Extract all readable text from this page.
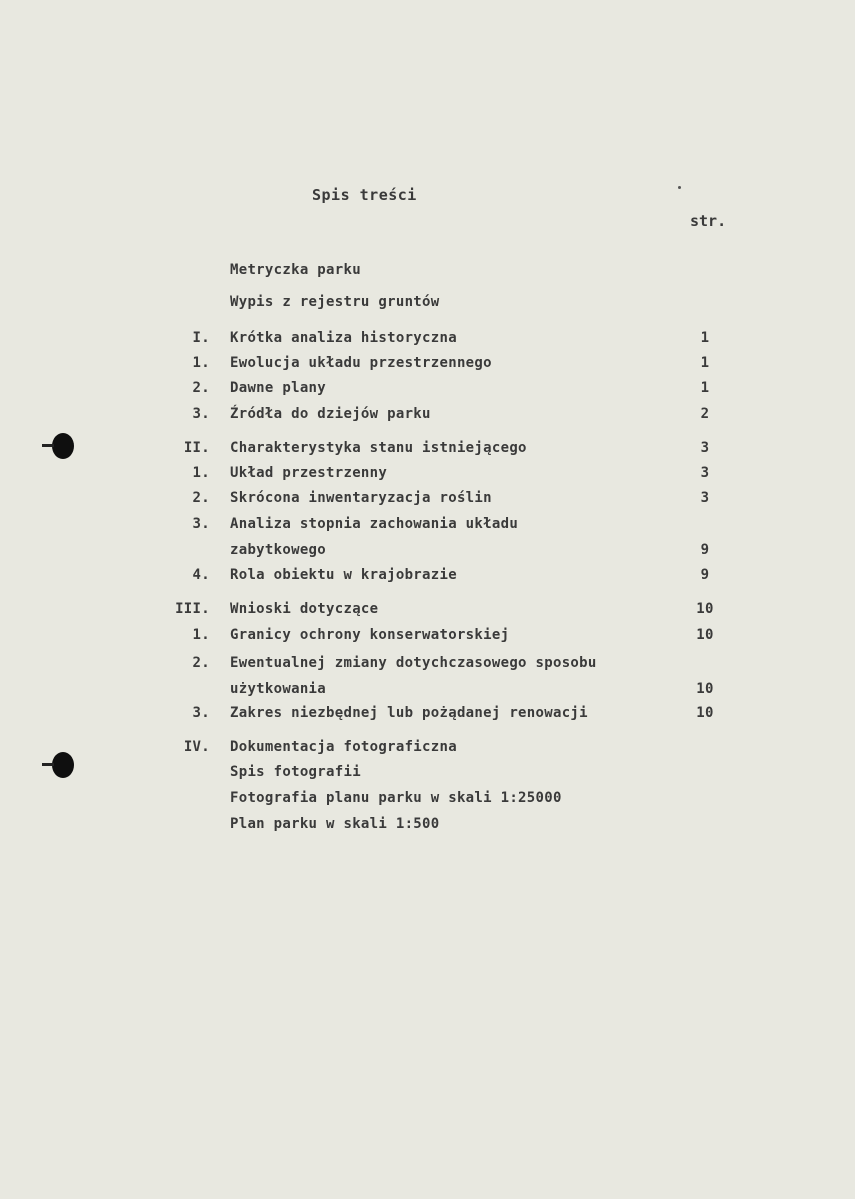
Spis treści
str.
Metryczka parku
Wypis z rejestru gruntów
I. Krótka analiza historyczna	1
1. Ewolucja układu przestrzennego	1
2. Dawne plany	1
3. Źródła do dziejów parku	2
II. Charakterystyka stanu istniejącego	3
1. Układ przestrzenny	3
2. Skrócona inwentaryzacja roślin	3
3. Analiza stopnia zachowania układu
zabytkowego	9
4. Rola obiektu w krajobrazie	9
III. Wnioski dotyczące	10
1. Granicy ochrony konserwatorskiej	10
2. Ewentualnej zmiany dotychczasowego sposobu
użytkowania	10
3. Zakres niezbędnej lub pożądanej renowacji	10
IV. Dokumentacja fotograficzna
Spis fotografii
Fotografia planu parku w skali 1:25000
Plan parku w skali 1:500
